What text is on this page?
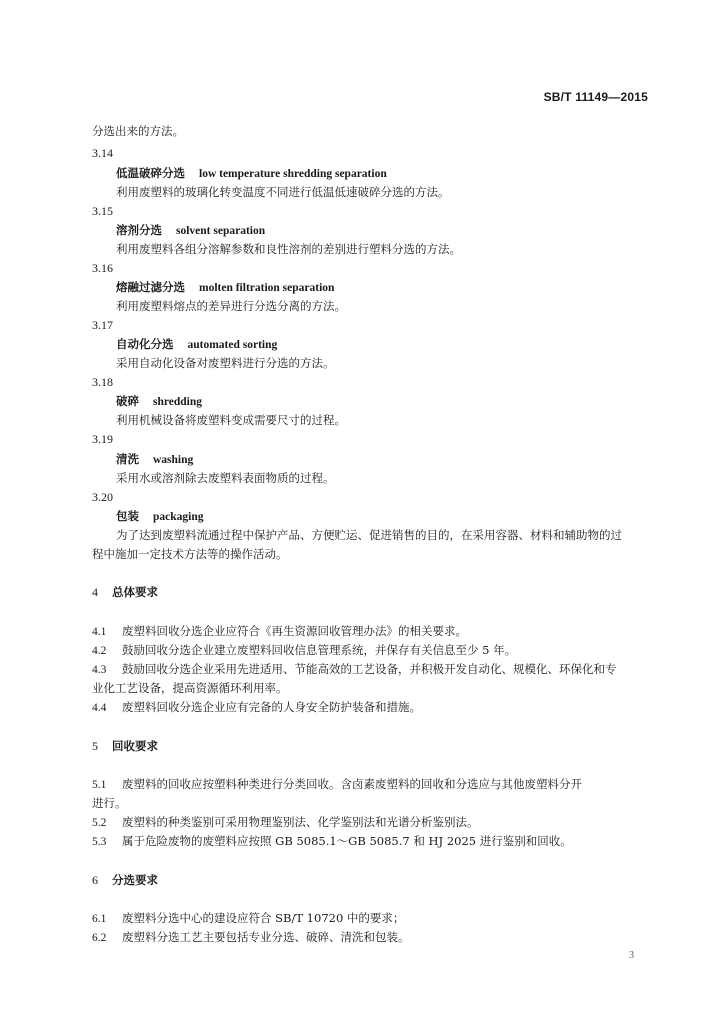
SB/T 11149—2015
分选出来的方法。
3.14
低温破碎分选 low temperature shredding separation
利用废塑料的玻璃化转变温度不同进行低温低速破碎分选的方法。
3.15
溶剂分选 solvent separation
利用废塑料各组分溶解参数和良性溶剂的差别进行塑料分选的方法。
3.16
熔融过滤分选 molten filtration separation
利用废塑料熔点的差异进行分选分离的方法。
3.17
自动化分选 automated sorting
采用自动化设备对废塑料进行分选的方法。
3.18
破碎 shredding
利用机械设备将废塑料变成需要尺寸的过程。
3.19
清洗 washing
采用水或溶剂除去废塑料表面物质的过程。
3.20
包装 packaging
为了达到废塑料流通过程中保护产品、方便贮运、促进销售的目的，在采用容器、材料和辅助物的过
程中施加一定技术方法等的操作活动。
4 总体要求
4.1 废塑料回收分选企业应符合《再生资源回收管理办法》的相关要求。
4.2 鼓励回收分选企业建立废塑料回收信息管理系统，并保存有关信息至少 5 年。
4.3 鼓励回收分选企业采用先进适用、节能高效的工艺设备，并积极开发自动化、规模化、环保化和专
业化工艺设备，提高资源循环利用率。
4.4 废塑料回收分选企业应有完备的人身安全防护装备和措施。
5 回收要求
5.1 废塑料的回收应按塑料种类进行分类回收。含卤素废塑料的回收和分选应与其他废塑料分开
进行。
5.2 废塑料的种类鉴别可采用物理鉴别法、化学鉴别法和光谱分析鉴别法。
5.3 属于危险废物的废塑料应按照 GB 5085.1～GB 5085.7 和 HJ 2025 进行鉴别和回收。
6 分选要求
6.1 废塑料分选中心的建设应符合 SB/T 10720 中的要求；
6.2 废塑料分选工艺主要包括专业分选、破碎、清洗和包装。
3
